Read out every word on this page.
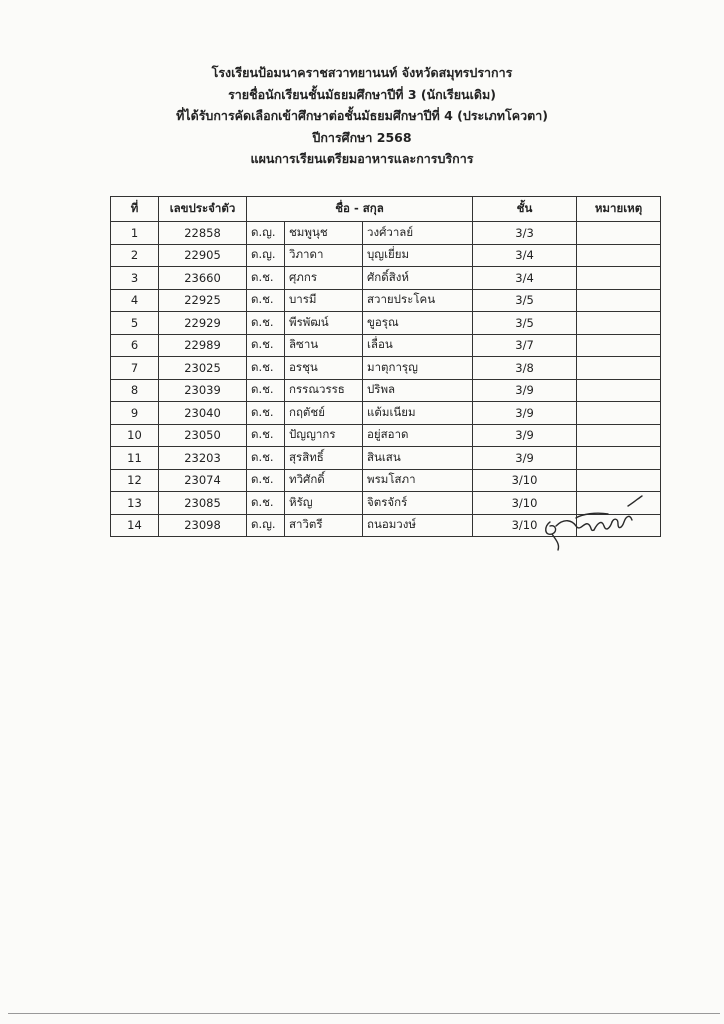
โรงเรียนป้อมนาคราชสวาทยานนท์ จังหวัดสมุทรปราการ
รายชื่อนักเรียนชั้นมัธยมศึกษาปีที่ 3 (นักเรียนเดิม)
ที่ได้รับการคัดเลือกเข้าศึกษาต่อชั้นมัธยมศึกษาปีที่ 4 (ประเภทโควตา)
ปีการศึกษา 2568
แผนการเรียนเตรียมอาหารและการบริการ
ที่	เลขประจำตัว	ชื่อ - สกุล			ชั้น	หมายเหตุ
1	22858	ด.ญ.	ชมพูนุช	วงศ์วาลย์	3/3	
2	22905	ด.ญ.	วิภาดา	บุญเยี่ยม	3/4	
3	23660	ด.ช.	ศุภกร	ศักดิ์สิงห์	3/4	
4	22925	ด.ช.	บารมี	สวายประโคน	3/5	
5	22929	ด.ช.	พีรพัฒน์	ขูอรุณ	3/5	
6	22989	ด.ช.	ลิซาน	เลื่อน	3/7	
7	23025	ด.ช.	อรชุน	มาตุการุญ	3/8	
8	23039	ด.ช.	กรรณวรรธ	ปริพล	3/9	
9	23040	ด.ช.	กฤตัชย์	แต้มเนียม	3/9	
10	23050	ด.ช.	ปัญญากร	อยู่สอาด	3/9	
11	23203	ด.ช.	สุรสิทธิ์	สินเสน	3/9	
12	23074	ด.ช.	ทวิศักดิ์	พรมโสภา	3/10	
13	23085	ด.ช.	หิรัญ	จิตรจักร์	3/10	
14	23098	ด.ญ.	สาวิตรี	ถนอมวงษ์	3/10	
